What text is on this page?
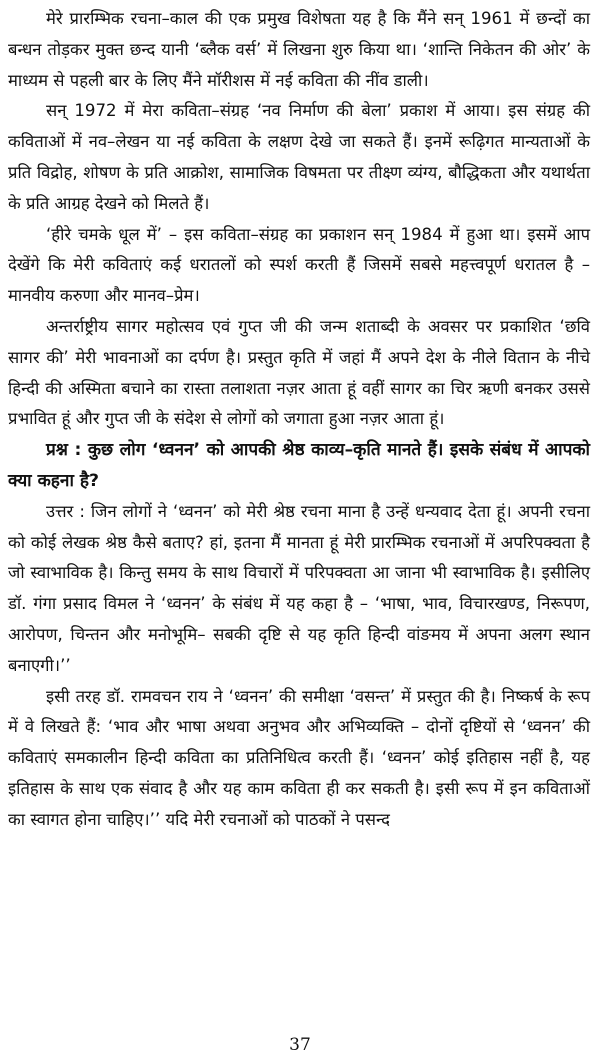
मेरे प्रारम्भिक रचना–काल की एक प्रमुख विशेषता यह है कि मैंने सन् 1961 में छन्दों का बन्धन तोड़कर मुक्त छन्द यानी ‘ब्लैक वर्स’ में लिखना शुरु किया था। ‘शान्ति निकेतन की ओर’ के माध्यम से पहली बार के लिए मैंने मॉरीशस में नई कविता की नींव डाली।

सन् 1972 में मेरा कविता–संग्रह ‘नव निर्माण की बेला’ प्रकाश में आया। इस संग्रह की कविताओं में नव–लेखन या नई कविता के लक्षण देखे जा सकते हैं। इनमें रूढ़िगत मान्यताओं के प्रति विद्रोह, शोषण के प्रति आक्रोश, सामाजिक विषमता पर तीक्ष्ण व्यंग्य, बौद्धिकता और यथार्थता के प्रति आग्रह देखने को मिलते हैं।

‘हीरे चमके धूल में’ – इस कविता–संग्रह का प्रकाशन सन् 1984 में हुआ था। इसमें आप देखेंगे कि मेरी कविताएं कई धरातलों को स्पर्श करती हैं जिसमें सबसे महत्त्वपूर्ण धरातल है – मानवीय करुणा और मानव–प्रेम।

अन्तर्राष्ट्रीय सागर महोत्सव एवं गुप्त जी की जन्म शताब्दी के अवसर पर प्रकाशित ‘छवि सागर की’ मेरी भावनाओं का दर्पण है। प्रस्तुत कृति में जहां मैं अपने देश के नीले वितान के नीचे हिन्दी की अस्मिता बचाने का रास्ता तलाशता नज़र आता हूं वहीं सागर का चिर ऋणी बनकर उससे प्रभावित हूं और गुप्त जी के संदेश से लोगों को जगाता हुआ नज़र आता हूं।

प्रश्न : कुछ लोग ‘ध्वनन’ को आपकी श्रेष्ठ काव्य–कृति मानते हैं। इसके संबंध में आपको क्या कहना है?

उत्तर : जिन लोगों ने ‘ध्वनन’ को मेरी श्रेष्ठ रचना माना है उन्हें धन्यवाद देता हूं। अपनी रचना को कोई लेखक श्रेष्ठ कैसे बताए? हां, इतना मैं मानता हूं मेरी प्रारम्भिक रचनाओं में अपरिपक्वता है जो स्वाभाविक है। किन्तु समय के साथ विचारों में परिपक्वता आ जाना भी स्वाभाविक है। इसीलिए डॉ. गंगा प्रसाद विमल ने ‘ध्वनन’ के संबंध में यह कहा है – ‘भाषा, भाव, विचारखण्ड, निरूपण, आरोपण, चिन्तन और मनोभूमि– सबकी दृष्टि से यह कृति हिन्दी वांङमय में अपना अलग स्थान बनाएगी।’’

इसी तरह डॉ. रामवचन राय ने ‘ध्वनन’ की समीक्षा ‘वसन्त’ में प्रस्तुत की है। निष्कर्ष के रूप में वे लिखते हैं: ‘भाव और भाषा अथवा अनुभव और अभिव्यक्ति – दोनों दृष्टियों से ‘ध्वनन’ की कविताएं समकालीन हिन्दी कविता का प्रतिनिधित्व करती हैं। ‘ध्वनन’ कोई इतिहास नहीं है, यह इतिहास के साथ एक संवाद है और यह काम कविता ही कर सकती है। इसी रूप में इन कविताओं का स्वागत होना चाहिए।’’ यदि मेरी रचनाओं को पाठकों ने पसन्द

37
